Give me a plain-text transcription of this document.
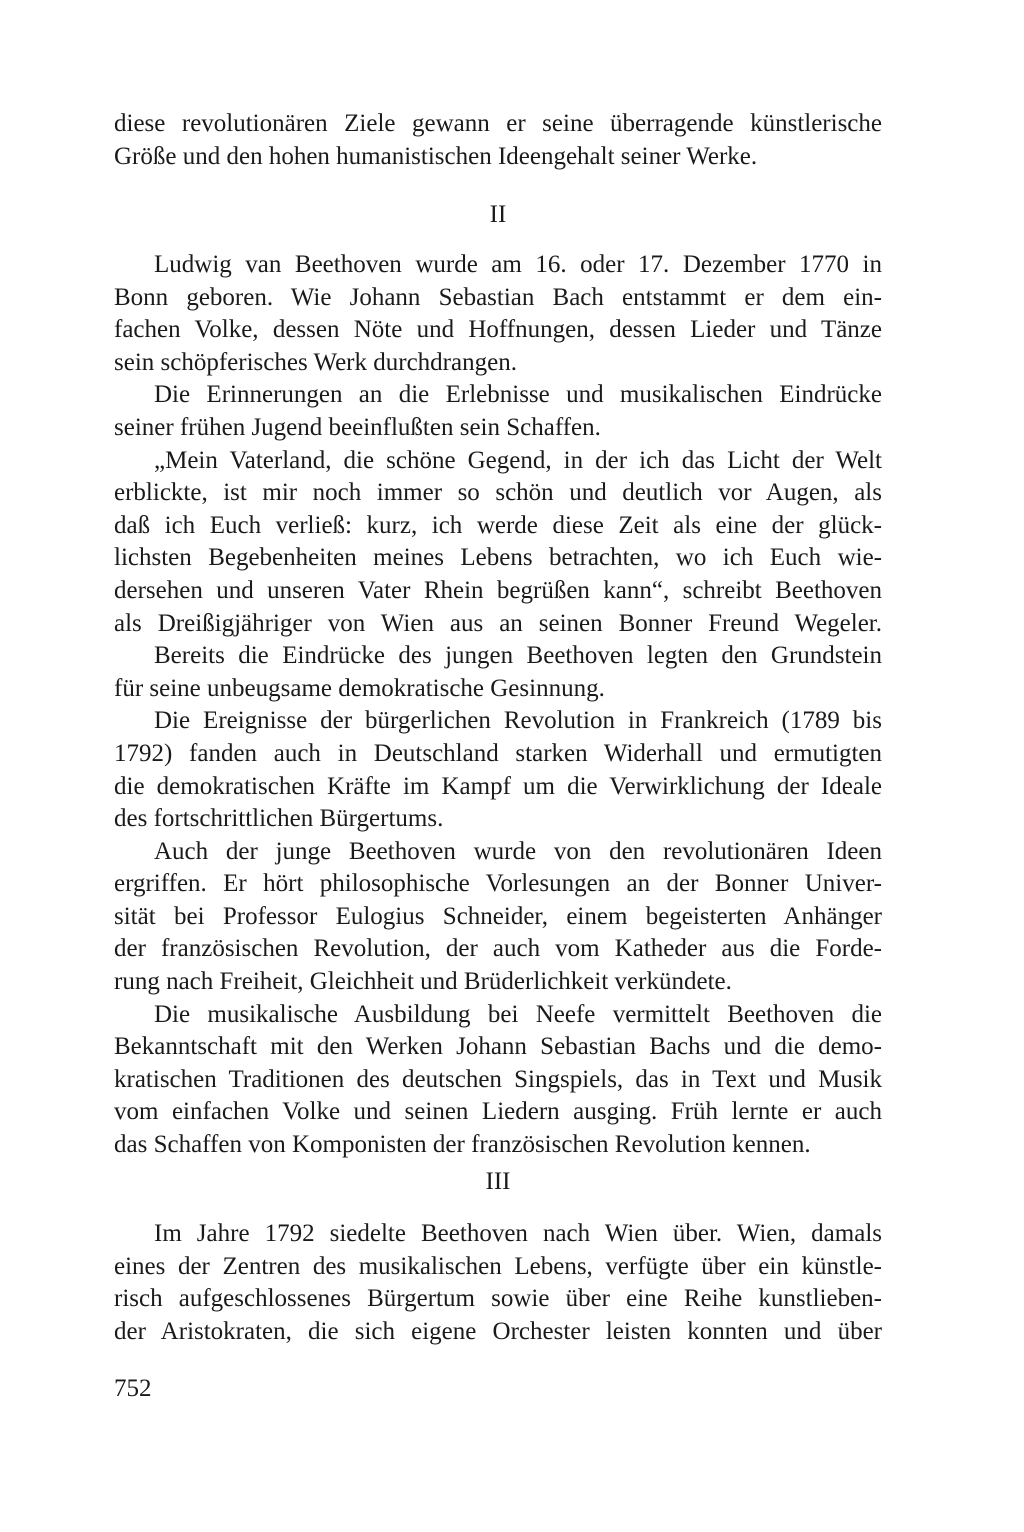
diese revolutionären Ziele gewann er seine überragende künstlerische
Größe und den hohen humanistischen Ideengehalt seiner Werke.
II
Ludwig van Beethoven wurde am 16. oder 17. Dezember 1770 in
Bonn geboren. Wie Johann Sebastian Bach entstammt er dem ein-
fachen Volke, dessen Nöte und Hoffnungen, dessen Lieder und Tänze
sein schöpferisches Werk durchdrangen.
Die Erinnerungen an die Erlebnisse und musikalischen Eindrücke
seiner frühen Jugend beeinflußten sein Schaffen.
„Mein Vaterland, die schöne Gegend, in der ich das Licht der Welt
erblickte, ist mir noch immer so schön und deutlich vor Augen, als
daß ich Euch verließ: kurz, ich werde diese Zeit als eine der glück-
lichsten Begebenheiten meines Lebens betrachten, wo ich Euch wie-
dersehen und unseren Vater Rhein begrüßen kann“, schreibt Beethoven
als Dreißigjähriger von Wien aus an seinen Bonner Freund Wegeler.
Bereits die Eindrücke des jungen Beethoven legten den Grundstein
für seine unbeugsame demokratische Gesinnung.
Die Ereignisse der bürgerlichen Revolution in Frankreich (1789 bis
1792) fanden auch in Deutschland starken Widerhall und ermutigten
die demokratischen Kräfte im Kampf um die Verwirklichung der Ideale
des fortschrittlichen Bürgertums.
Auch der junge Beethoven wurde von den revolutionären Ideen
ergriffen. Er hört philosophische Vorlesungen an der Bonner Univer-
sität bei Professor Eulogius Schneider, einem begeisterten Anhänger
der französischen Revolution, der auch vom Katheder aus die Forde-
rung nach Freiheit, Gleichheit und Brüderlichkeit verkündete.
Die musikalische Ausbildung bei Neefe vermittelt Beethoven die
Bekanntschaft mit den Werken Johann Sebastian Bachs und die demo-
kratischen Traditionen des deutschen Singspiels, das in Text und Musik
vom einfachen Volke und seinen Liedern ausging. Früh lernte er auch
das Schaffen von Komponisten der französischen Revolution kennen.
III
Im Jahre 1792 siedelte Beethoven nach Wien über. Wien, damals
eines der Zentren des musikalischen Lebens, verfügte über ein künstle-
risch aufgeschlossenes Bürgertum sowie über eine Reihe kunstlieben-
der Aristokraten, die sich eigene Orchester leisten konnten und über
752
